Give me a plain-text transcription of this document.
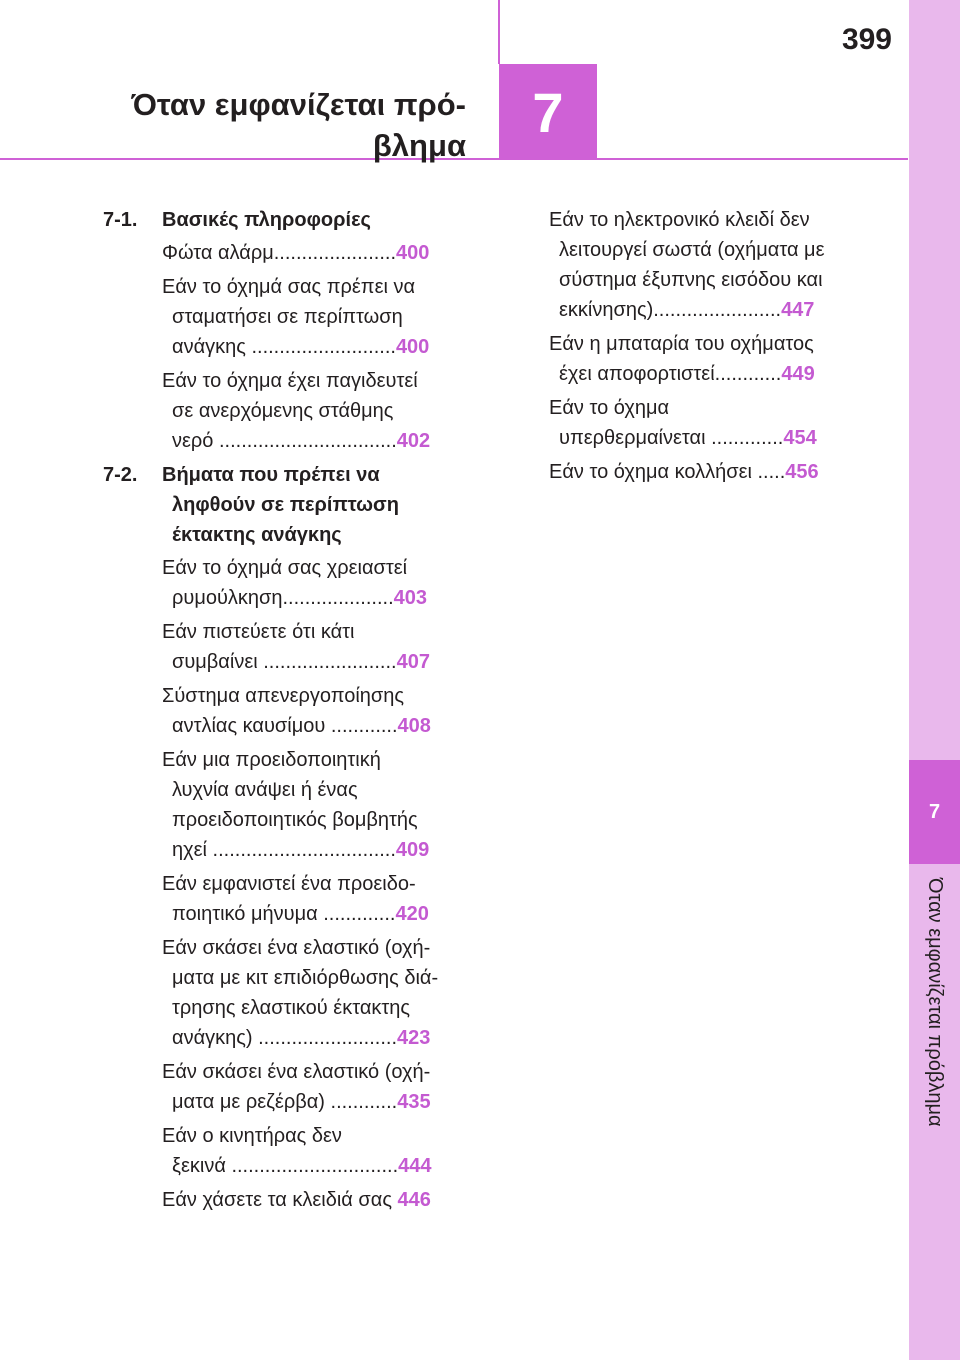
7
Όταν εμφανίζεται πρόβλημα
399
7
Όταν εμφανίζεται πρό-
βλημα
7-1.	Βασικές πληροφορίες
Φώτα αλάρμ......................400
Εάν το όχημά σας πρέπει να
σταματήσει σε περίπτωση
ανάγκης ..........................400
Εάν το όχημα έχει παγιδευτεί
σε ανερχόμενης στάθμης
νερό ................................402
7-2.	Βήματα που πρέπει να ληφθούν σε περίπτωση έκτακτης ανάγκης
Εάν το όχημά σας χρειαστεί
ρυμούλκηση....................403
Εάν πιστεύετε ότι κάτι
συμβαίνει ........................407
Σύστημα απενεργοποίησης
αντλίας καυσίμου ............408
Εάν μια προειδοποιητική
λυχνία ανάψει ή ένας
προειδοποιητικός βομβητής
ηχεί .................................409
Εάν εμφανιστεί ένα προειδο-
ποιητικό μήνυμα .............420
Εάν σκάσει ένα ελαστικό (οχή-
ματα με κιτ επιδιόρθωσης διά-
τρησης ελαστικού έκτακτης
ανάγκης) .........................423
Εάν σκάσει ένα ελαστικό (οχή-
ματα με ρεζέρβα) ............435
Εάν ο κινητήρας δεν
ξεκινά ..............................444
Εάν χάσετε τα κλειδιά σας 446
Εάν το ηλεκτρονικό κλειδί δεν
λειτουργεί σωστά (οχήματα με
σύστημα έξυπνης εισόδου και
εκκίνησης).......................447
Εάν η μπαταρία του οχήματος
έχει αποφορτιστεί............449
Εάν το όχημα
υπερθερμαίνεται .............454
Εάν το όχημα κολλήσει .....456
